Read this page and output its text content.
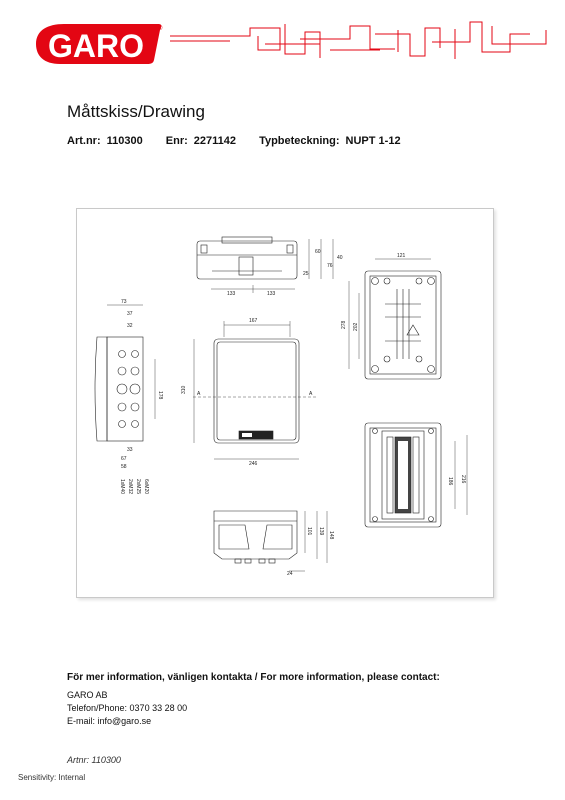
GARO ®
Måttskiss/Drawing
Art.nr: 110300 Enr: 2271142 Typbeteckning: NUPT 1-12
133	133
25
60
76
40
167
310
246
A	A
73
37
32
178
33
67
58
6xM20
2xM25
2xM32
1xM40
121
278 202
216
186
101 139 148
24
För mer information, vänligen kontakta / For more information, please contact:
GARO AB
Telefon/Phone: 0370 33 28 00
E-mail: info@garo.se
Artnr: 110300
Sensitivity: Internal
